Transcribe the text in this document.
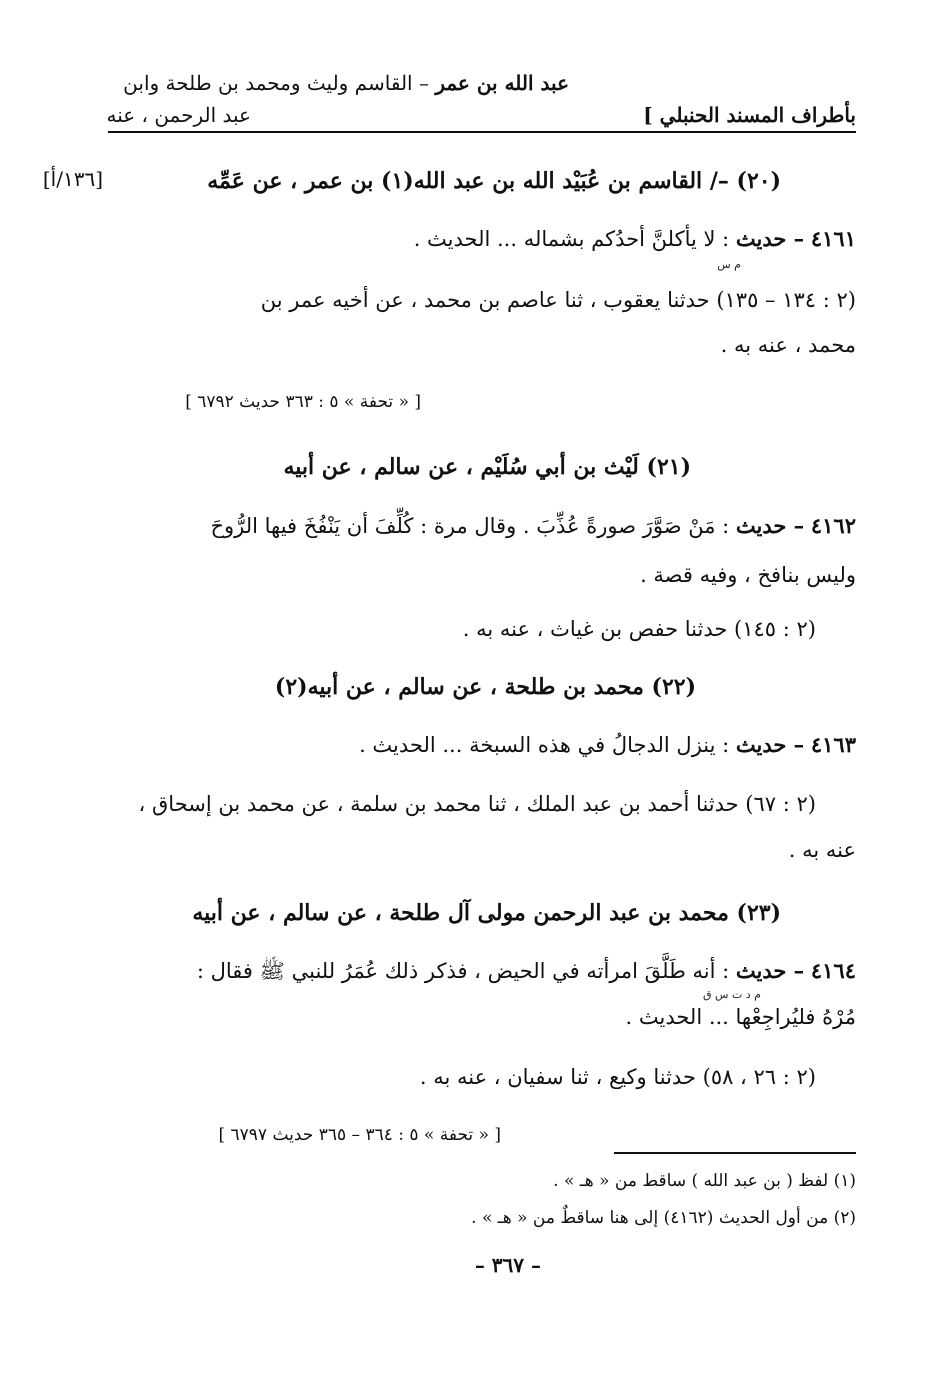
بأطراف المسند الحنبلي ]
عبد الله بن عمر – القاسم وليث ومحمد بن طلحة وابن
عبد الرحمن ، عنه
[١٣٦/أ]	(٢٠) –/ القاسم بن عُبَيْد الله بن عبد الله(١) بن عمر ، عن عَمِّه
٤١٦١ – حديث : لا يأكلنَّ أحدُكم بشماله ... الحديث .
م س
(٢ : ١٣٤ – ١٣٥) حدثنا يعقوب ، ثنا عاصم بن محمد ، عن أخيه عمر بن
محمد ، عنه به .
[ « تحفة » ٥ : ٣٦٣ حديث ٦٧٩٢ ]
(٢١) لَيْث بن أبي سُلَيْم ، عن سالم ، عن أبيه
٤١٦٢ – حديث : مَنْ صَوَّرَ صورةً عُذِّبَ . وقال مرة : كُلِّفَ أن يَنْفُخَ فيها الرُّوحَ
وليس بنافخ ، وفيه قصة .
(٢ : ١٤٥) حدثنا حفص بن غياث ، عنه به .
(٢٢) محمد بن طلحة ، عن سالم ، عن أبيه(٢)
٤١٦٣ – حديث : ينزل الدجالُ في هذه السبخة ... الحديث .
(٢ : ٦٧) حدثنا أحمد بن عبد الملك ، ثنا محمد بن سلمة ، عن محمد بن إسحاق ،
عنه به .
(٢٣) محمد بن عبد الرحمن مولى آل طلحة ، عن سالم ، عن أبيه
٤١٦٤ – حديث : أنه طَلَّقَ امرأته في الحيض ، فذكر ذلك عُمَرُ للنبي ﷺ فقال :
م د ت س ق
مُرْهُ فليُراجِعْها ... الحديث .
(٢ : ٢٦ ، ٥٨) حدثنا وكيع ، ثنا سفيان ، عنه به .
[ « تحفة » ٥ : ٣٦٤ – ٣٦٥ حديث ٦٧٩٧ ]
(١) لفظ ( بن عبد الله ) ساقط من « هـ » .
(٢) من أول الحديث (٤١٦٢) إلى هنا ساقطٌ من « هـ » .
– ٣٦٧ –
